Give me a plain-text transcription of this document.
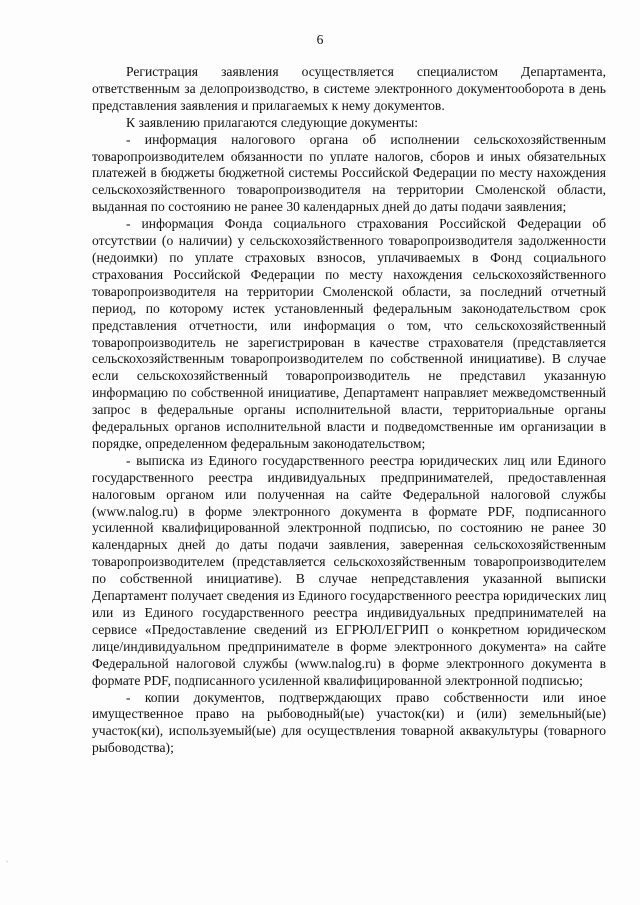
6

Регистрация заявления осуществляется специалистом Департамента, ответственным за делопроизводство, в системе электронного документооборота в день представления заявления и прилагаемых к нему документов.

К заявлению прилагаются следующие документы:

- информация налогового органа об исполнении сельскохозяйственным товаропроизводителем обязанности по уплате налогов, сборов и иных обязательных платежей в бюджеты бюджетной системы Российской Федерации по месту нахождения сельскохозяйственного товаропроизводителя на территории Смоленской области, выданная по состоянию не ранее 30 календарных дней до даты подачи заявления;

- информация Фонда социального страхования Российской Федерации об отсутствии (о наличии) у сельскохозяйственного товаропроизводителя задолженности (недоимки) по уплате страховых взносов, уплачиваемых в Фонд социального страхования Российской Федерации по месту нахождения сельскохозяйственного товаропроизводителя на территории Смоленской области, за последний отчетный период, по которому истек установленный федеральным законодательством срок представления отчетности, или информация о том, что сельскохозяйственный товаропроизводитель не зарегистрирован в качестве страхователя (представляется сельскохозяйственным товаропроизводителем по собственной инициативе). В случае если сельскохозяйственный товаропроизводитель не представил указанную информацию по собственной инициативе, Департамент направляет межведомственный запрос в федеральные органы исполнительной власти, территориальные органы федеральных органов исполнительной власти и подведомственные им организации в порядке, определенном федеральным законодательством;

- выписка из Единого государственного реестра юридических лиц или Единого государственного реестра индивидуальных предпринимателей, предоставленная налоговым органом или полученная на сайте Федеральной налоговой службы (www.nalog.ru) в форме электронного документа в формате PDF, подписанного усиленной квалифицированной электронной подписью, по состоянию не ранее 30 календарных дней до даты подачи заявления, заверенная сельскохозяйственным товаропроизводителем (представляется сельскохозяйственным товаропроизводителем по собственной инициативе). В случае непредставления указанной выписки Департамент получает сведения из Единого государственного реестра юридических лиц или из Единого государственного реестра индивидуальных предпринимателей на сервисе «Предоставление сведений из ЕГРЮЛ/ЕГРИП о конкретном юридическом лице/индивидуальном предпринимателе в форме электронного документа» на сайте Федеральной налоговой службы (www.nalog.ru) в форме электронного документа в формате PDF, подписанного усиленной квалифицированной электронной подписью;

- копии документов, подтверждающих право собственности или иное имущественное право на рыбоводный(ые) участок(ки) и (или) земельный(ые) участок(ки), используемый(ые) для осуществления товарной аквакультуры (товарного рыбоводства);

ˊ
